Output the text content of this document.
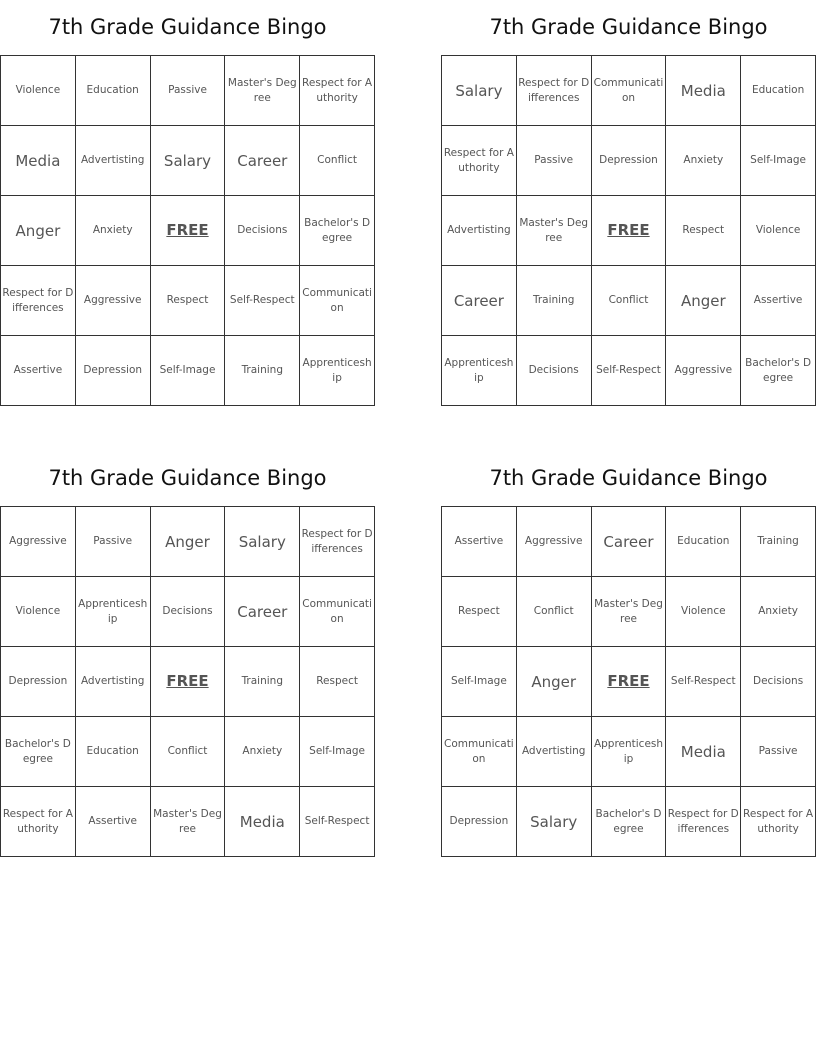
7th Grade Guidance Bingo
Violence	Education	Passive	Master's Degree	Respect for Authority
Media	Advertisting	Salary	Career	Conflict
Anger	Anxiety	FREE	Decisions	Bachelor's Degree
Respect for Differences	Aggressive	Respect	Self-Respect	Communication
Assertive	Depression	Self-Image	Training	Apprenticeship
7th Grade Guidance Bingo
Salary	Respect for Differences	Communication	Media	Education
Respect for Authority	Passive	Depression	Anxiety	Self-Image
Advertisting	Master's Degree	FREE	Respect	Violence
Career	Training	Conflict	Anger	Assertive
Apprenticeship	Decisions	Self-Respect	Aggressive	Bachelor's Degree
7th Grade Guidance Bingo
Aggressive	Passive	Anger	Salary	Respect for Differences
Violence	Apprenticeship	Decisions	Career	Communication
Depression	Advertisting	FREE	Training	Respect
Bachelor's Degree	Education	Conflict	Anxiety	Self-Image
Respect for Authority	Assertive	Master's Degree	Media	Self-Respect
7th Grade Guidance Bingo
Assertive	Aggressive	Career	Education	Training
Respect	Conflict	Master's Degree	Violence	Anxiety
Self-Image	Anger	FREE	Self-Respect	Decisions
Communication	Advertisting	Apprenticeship	Media	Passive
Depression	Salary	Bachelor's Degree	Respect for Differences	Respect for Authority
